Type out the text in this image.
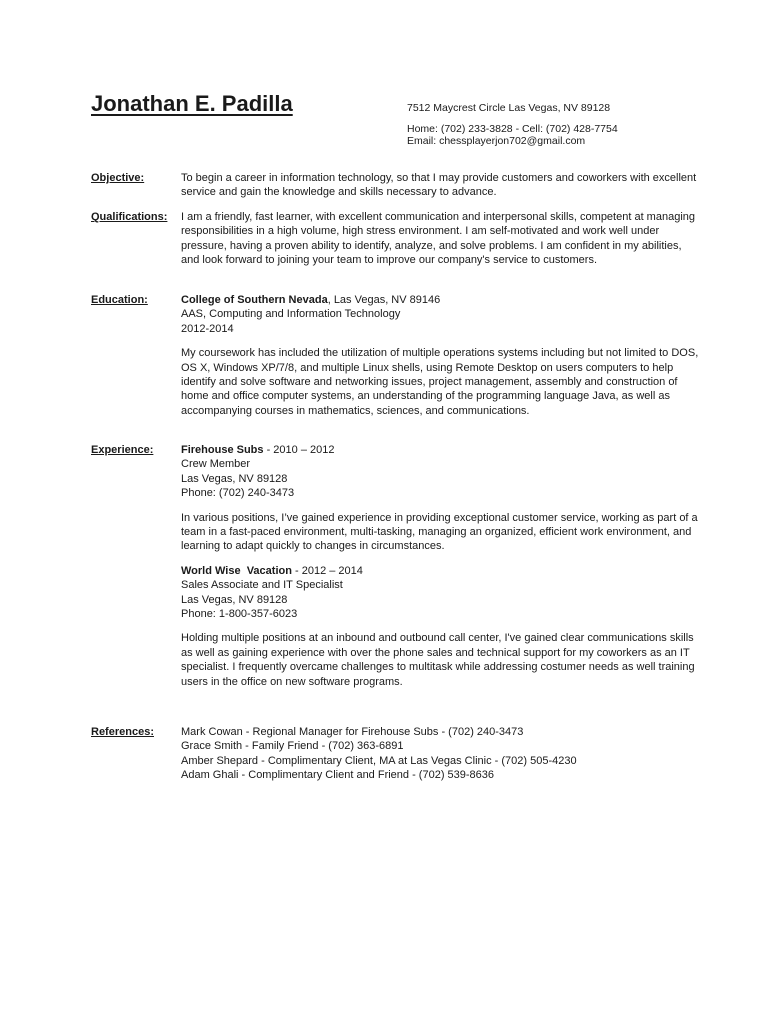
Jonathan E. Padilla	7512 Maycrest Circle Las Vegas, NV 89128
Home: (702) 233-3828 - Cell: (702) 428-7754
Email: chessplayerjon702@gmail.com
Objective:	To begin a career in information technology, so that I may provide customers and coworkers with excellent service and gain the knowledge and skills necessary to advance.

Qualifications: I am a friendly, fast learner, with excellent communication and interpersonal skills, competent at managing responsibilities in a high volume, high stress environment. I am self-motivated and work well under pressure, having a proven ability to identify, analyze, and solve problems. I am confident in my abilities, and look forward to joining your team to improve our company's service to customers.

Education:	College of Southern Nevada, Las Vegas, NV 89146
AAS, Computing and Information Technology
2012-2014

My coursework has included the utilization of multiple operations systems including but not limited to DOS, OS X, Windows XP/7/8, and multiple Linux shells, using Remote Desktop on users computers to help identify and solve software and networking issues, project management, assembly and construction of home and office computer systems, an understanding of the programming language Java, as well as accompanying courses in mathematics, sciences, and communications.

Experience:	Firehouse Subs - 2010 – 2012
Crew Member
Las Vegas, NV 89128
Phone: (702) 240-3473

In various positions, I’ve gained experience in providing exceptional customer service, working as part of a team in a fast-paced environment, multi-tasking, managing an organized, efficient work environment, and learning to adapt quickly to changes in circumstances.

World Wise  Vacation - 2012 – 2014
Sales Associate and IT Specialist
Las Vegas, NV 89128
Phone: 1-800-357-6023

Holding multiple positions at an inbound and outbound call center, I've gained clear communications skills as well as gaining experience with over the phone sales and technical support for my coworkers as an IT specialist. I frequently overcame challenges to multitask while addressing costumer needs as well training users in the office on new software programs.

References: Mark Cowan - Regional Manager for Firehouse Subs - (702) 240-3473
Grace Smith - Family Friend - (702) 363-6891
Amber Shepard - Complimentary Client, MA at Las Vegas Clinic - (702) 505-4230
Adam Ghali - Complimentary Client and Friend - (702) 539-8636
